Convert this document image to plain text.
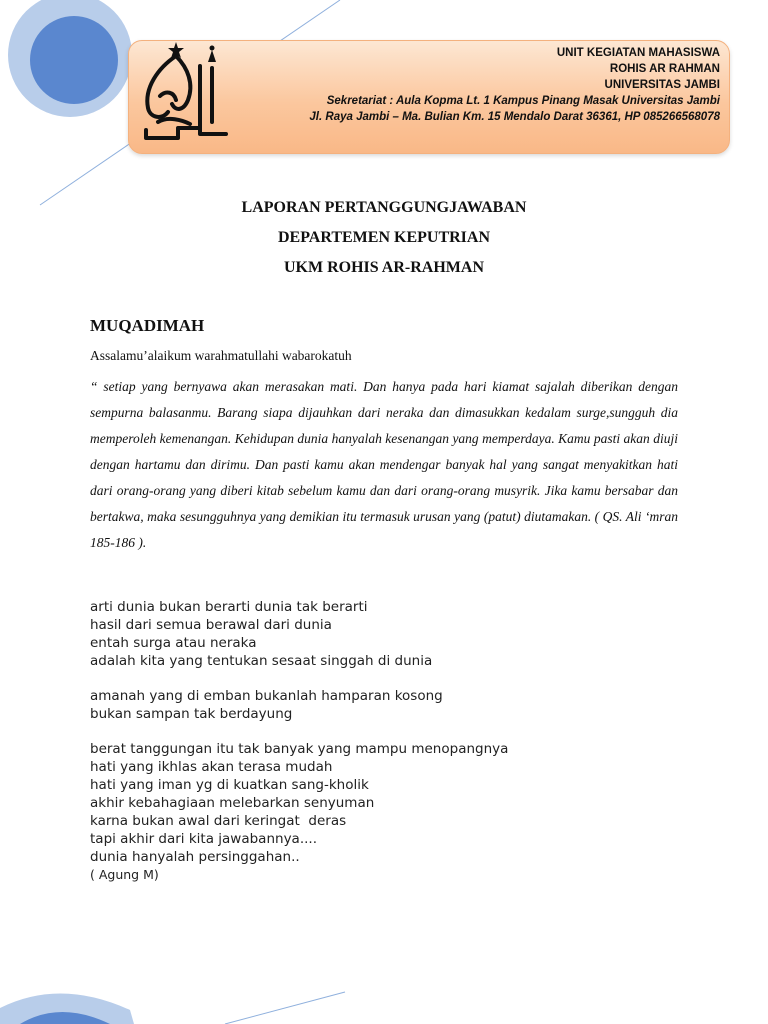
UNIT KEGIATAN MAHASISWA
ROHIS AR RAHMAN
UNIVERSITAS JAMBI
Sekretariat : Aula Kopma Lt. 1 Kampus Pinang Masak Universitas Jambi
Jl. Raya Jambi – Ma. Bulian Km. 15 Mendalo Darat 36361, HP 085266568078
LAPORAN PERTANGGUNGJAWABAN
DEPARTEMEN KEPUTRIAN
UKM ROHIS AR-RAHMAN
MUQADIMAH
Assalamu’alaikum warahmatullahi wabarokatuh
“ setiap yang bernyawa akan merasakan mati. Dan hanya pada hari kiamat sajalah diberikan dengan sempurna balasanmu. Barang siapa dijauhkan dari neraka dan dimasukkan kedalam surge,sungguh dia memperoleh kemenangan. Kehidupan dunia hanyalah kesenangan yang memperdaya. Kamu pasti akan diuji dengan hartamu dan dirimu. Dan pasti kamu akan mendengar banyak hal yang sangat menyakitkan hati dari orang-orang yang diberi kitab sebelum kamu dan dari orang-orang musyrik. Jika kamu bersabar dan bertakwa, maka sesungguhnya yang demikian itu termasuk urusan yang (patut) diutamakan. ( QS. Ali ‘mran 185-186 ).
arti dunia bukan berarti dunia tak berarti
hasil dari semua berawal dari dunia
entah surga atau neraka
adalah kita yang tentukan sesaat singgah di dunia
amanah yang di emban bukanlah hamparan kosong
bukan sampan tak berdayung
berat tanggungan itu tak banyak yang mampu menopangnya
hati yang ikhlas akan terasa mudah
hati yang iman yg di kuatkan sang-kholik
akhir kebahagiaan melebarkan senyuman
karna bukan awal dari keringat  deras
tapi akhir dari kita jawabannya....
dunia hanyalah persinggahan..
( Agung M)
